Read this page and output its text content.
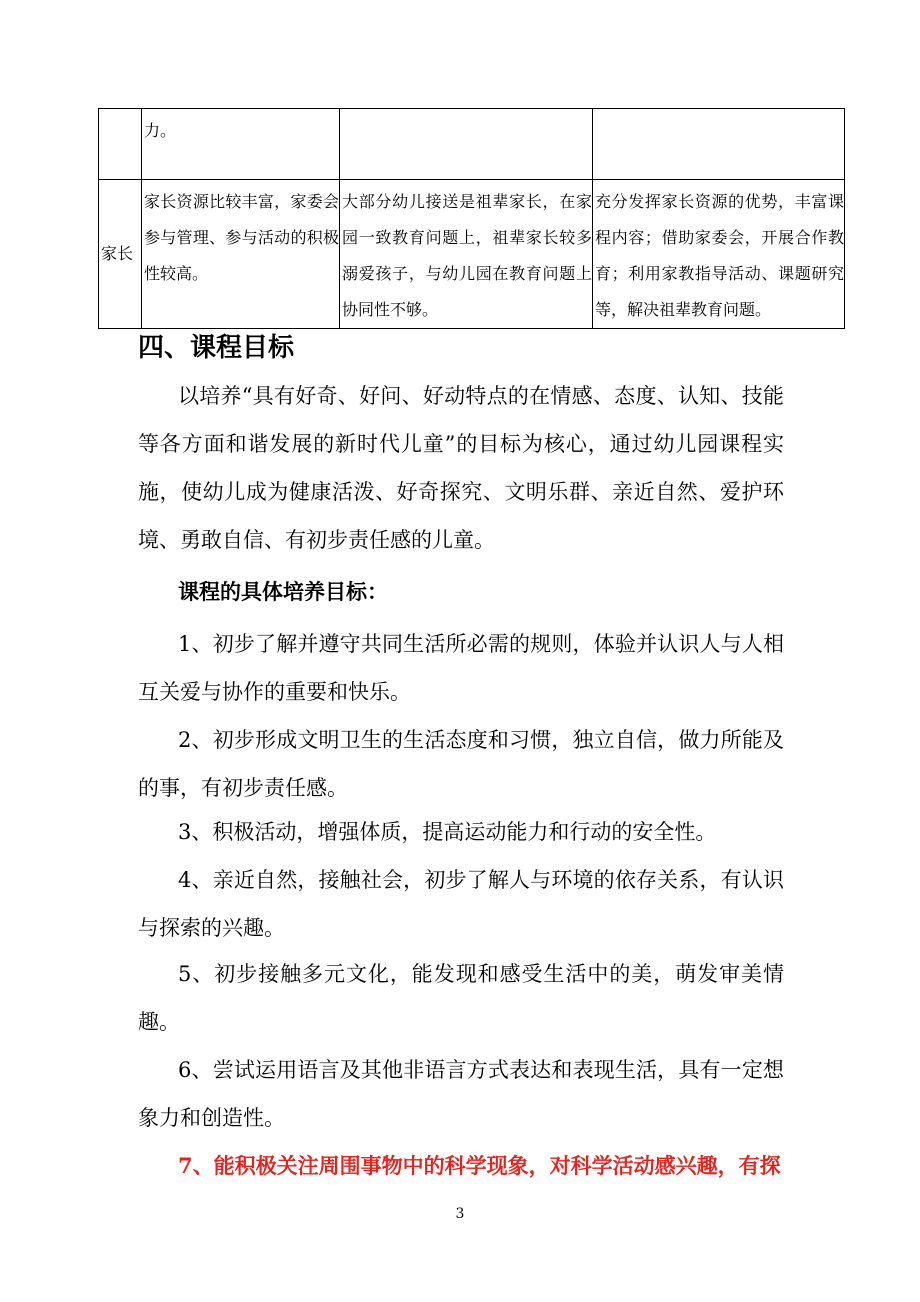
	力。		

家长	家长资源比较丰富，家委会参与管理、参与活动的积极性较高。	大部分幼儿接送是祖辈家长，在家园一致教育问题上，祖辈家长较多溺爱孩子，与幼儿园在教育问题上协同性不够。	充分发挥家长资源的优势，丰富课程内容；借助家委会，开展合作教育；利用家教指导活动、课题研究等，解决祖辈教育问题。
四、课程目标
以培养“具有好奇、好问、好动特点的在情感、态度、认知、技能等各方面和谐发展的新时代儿童”的目标为核心，通过幼儿园课程实施，使幼儿成为健康活泼、好奇探究、文明乐群、亲近自然、爱护环境、勇敢自信、有初步责任感的儿童。
课程的具体培养目标：
1、初步了解并遵守共同生活所必需的规则，体验并认识人与人相互关爱与协作的重要和快乐。
2、初步形成文明卫生的生活态度和习惯，独立自信，做力所能及的事，有初步责任感。
3、积极活动，增强体质，提高运动能力和行动的安全性。
4、亲近自然，接触社会，初步了解人与环境的依存关系，有认识与探索的兴趣。
5、初步接触多元文化，能发现和感受生活中的美，萌发审美情趣。
6、尝试运用语言及其他非语言方式表达和表现生活，具有一定想象力和创造性。
7、能积极关注周围事物中的科学现象，对科学活动感兴趣，有探
3
